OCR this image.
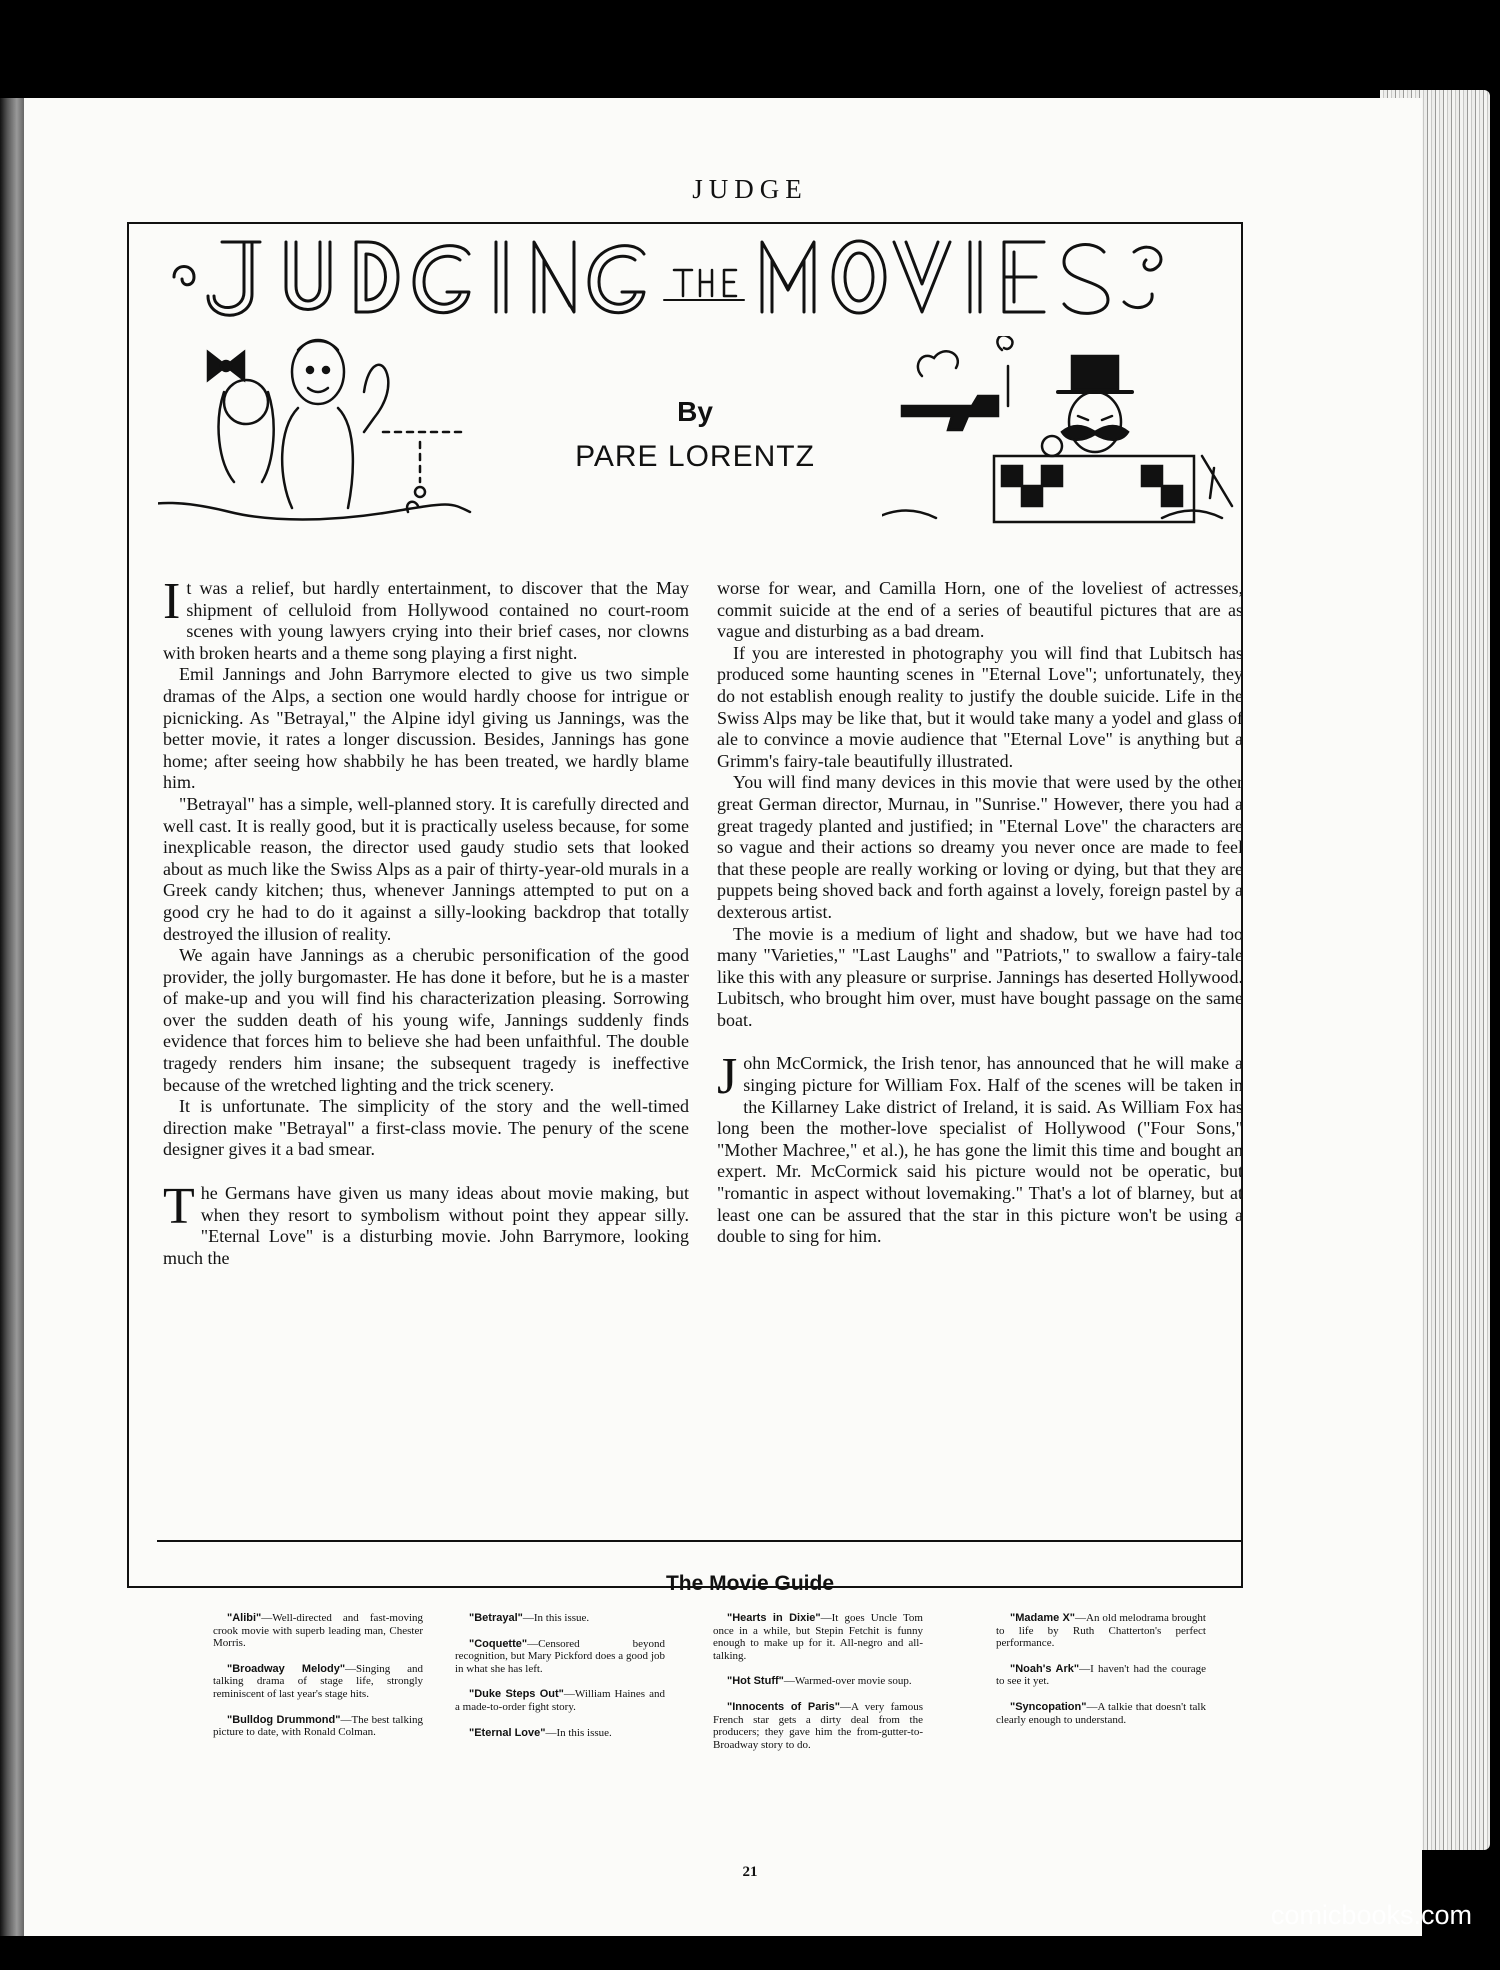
JUDGE
By
PARE LORENTZ

It was a relief, but hardly entertainment, to discover that the May shipment of celluloid from Hollywood contained no court-room scenes with young lawyers crying into their brief cases, nor clowns with broken hearts and a theme song playing a first night.

Emil Jannings and John Barrymore elected to give us two simple dramas of the Alps, a section one would hardly choose for intrigue or picnicking. As "Betrayal," the Alpine idyl giving us Jannings, was the better movie, it rates a longer discussion. Besides, Jannings has gone home; after seeing how shabbily he has been treated, we hardly blame him.

"Betrayal" has a simple, well-planned story. It is carefully directed and well cast. It is really good, but it is practically useless because, for some inexplicable reason, the director used gaudy studio sets that looked about as much like the Swiss Alps as a pair of thirty-year-old murals in a Greek candy kitchen; thus, whenever Jannings attempted to put on a good cry he had to do it against a silly-looking backdrop that totally destroyed the illusion of reality.

We again have Jannings as a cherubic personification of the good provider, the jolly burgomaster. He has done it before, but he is a master of make-up and you will find his characterization pleasing. Sorrowing over the sudden death of his young wife, Jannings suddenly finds evidence that forces him to believe she had been unfaithful. The double tragedy renders him insane; the subsequent tragedy is ineffective because of the wretched lighting and the trick scenery.

It is unfortunate. The simplicity of the story and the well-timed direction make "Betrayal" a first-class movie. The penury of the scene designer gives it a bad smear.

The Germans have given us many ideas about movie making, but when they resort to symbolism without point they appear silly. "Eternal Love" is a disturbing movie. John Barrymore, looking much the

worse for wear, and Camilla Horn, one of the loveliest of actresses, commit suicide at the end of a series of beautiful pictures that are as vague and disturbing as a bad dream.

If you are interested in photography you will find that Lubitsch has produced some haunting scenes in "Eternal Love"; unfortunately, they do not establish enough reality to justify the double suicide. Life in the Swiss Alps may be like that, but it would take many a yodel and glass of ale to convince a movie audience that "Eternal Love" is anything but a Grimm's fairy-tale beautifully illustrated.

You will find many devices in this movie that were used by the other great German director, Murnau, in "Sunrise." However, there you had a great tragedy planted and justified; in "Eternal Love" the characters are so vague and their actions so dreamy you never once are made to feel that these people are really working or loving or dying, but that they are puppets being shoved back and forth against a lovely, foreign pastel by a dexterous artist.

The movie is a medium of light and shadow, but we have had too many "Varieties," "Last Laughs" and "Patriots," to swallow a fairy-tale like this with any pleasure or surprise. Jannings has deserted Hollywood. Lubitsch, who brought him over, must have bought passage on the same boat.

John McCormick, the Irish tenor, has announced that he will make a singing picture for William Fox. Half of the scenes will be taken in the Killarney Lake district of Ireland, it is said. As William Fox has long been the mother-love specialist of Hollywood ("Four Sons," "Mother Machree," et al.), he has gone the limit this time and bought an expert. Mr. McCormick said his picture would not be operatic, but "romantic in aspect without lovemaking." That's a lot of blarney, but at least one can be assured that the star in this picture won't be using a double to sing for him.

The Movie Guide

"Alibi"—Well-directed and fast-moving crook movie with superb leading man, Chester Morris.

"Broadway Melody"—Singing and talking drama of stage life, strongly reminiscent of last year's stage hits.

"Bulldog Drummond"—The best talking picture to date, with Ronald Colman.

"Betrayal"—In this issue.

"Coquette"—Censored beyond recognition, but Mary Pickford does a good job in what she has left.

"Duke Steps Out"—William Haines and a made-to-order fight story.

"Eternal Love"—In this issue.

"Hearts in Dixie"—It goes Uncle Tom once in a while, but Stepin Fetchit is funny enough to make up for it. All-negro and all-talking.

"Hot Stuff"—Warmed-over movie soup.

"Innocents of Paris"—A very famous French star gets a dirty deal from the producers; they gave him the from-gutter-to-Broadway story to do.

"Madame X"—An old melodrama brought to life by Ruth Chatterton's perfect performance.

"Noah's Ark"—I haven't had the courage to see it yet.

"Syncopation"—A talkie that doesn't talk clearly enough to understand.

21
comicbooks.com
